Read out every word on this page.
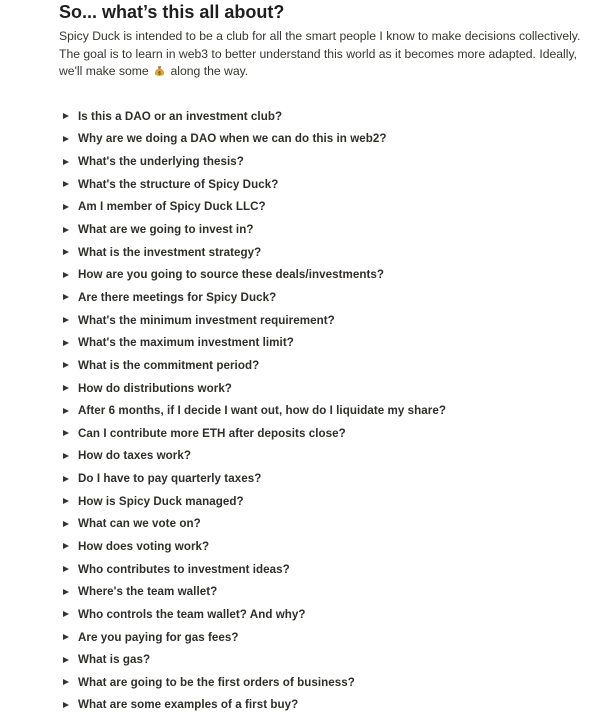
So... what’s this all about?
Spicy Duck is intended to be a club for all the smart people I know to make decisions collectively. The goal is to learn in web3 to better understand this world as it becomes more adapted. Ideally, we'll make some $ along the way.
Is this a DAO or an investment club?
Why are we doing a DAO when we can do this in web2?
What's the underlying thesis?
What's the structure of Spicy Duck?
Am I member of Spicy Duck LLC?
What are we going to invest in?
What is the investment strategy?
How are you going to source these deals/investments?
Are there meetings for Spicy Duck?
What's the minimum investment requirement?
What's the maximum investment limit?
What is the commitment period?
How do distributions work?
After 6 months, if I decide I want out, how do I liquidate my share?
Can I contribute more ETH after deposits close?
How do taxes work?
Do I have to pay quarterly taxes?
How is Spicy Duck managed?
What can we vote on?
How does voting work?
Who contributes to investment ideas?
Where's the team wallet?
Who controls the team wallet? And why?
Are you paying for gas fees?
What is gas?
What are going to be the first orders of business?
What are some examples of a first buy?
